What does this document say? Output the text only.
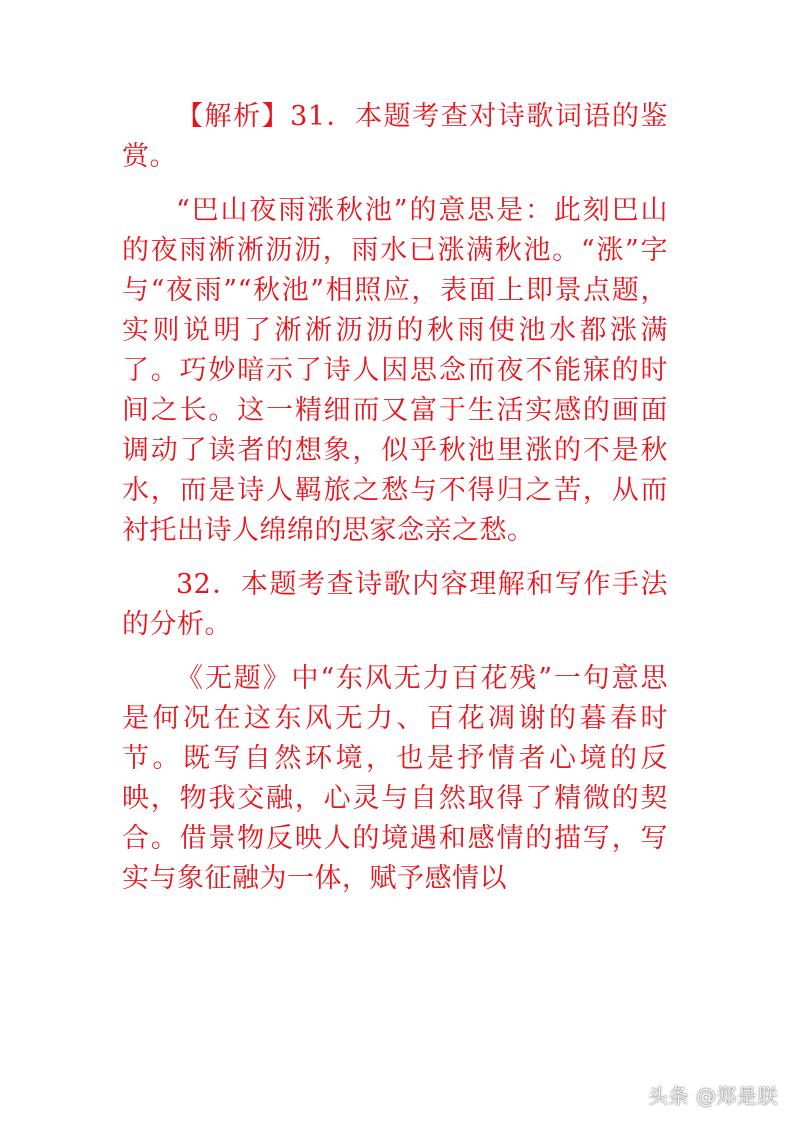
【解析】31．本题考查对诗歌词语的鉴赏。

“巴山夜雨涨秋池”的意思是：此刻巴山的夜雨淅淅沥沥，雨水已涨满秋池。“涨”字与“夜雨”“秋池”相照应，表面上即景点题，实则说明了淅淅沥沥的秋雨使池水都涨满了。巧妙暗示了诗人因思念而夜不能寐的时间之长。这一精细而又富于生活实感的画面调动了读者的想象，似乎秋池里涨的不是秋水，而是诗人羁旅之愁与不得归之苦，从而衬托出诗人绵绵的思家念亲之愁。

32．本题考查诗歌内容理解和写作手法的分析。

《无题》中“东风无力百花残”一句意思是何况在这东风无力、百花凋谢的暮春时节。既写自然环境，也是抒情者心境的反映，物我交融，心灵与自然取得了精微的契合。借景物反映人的境遇和感情的描写，写实与象征融为一体，赋予感情以

头条 @郑是朕
